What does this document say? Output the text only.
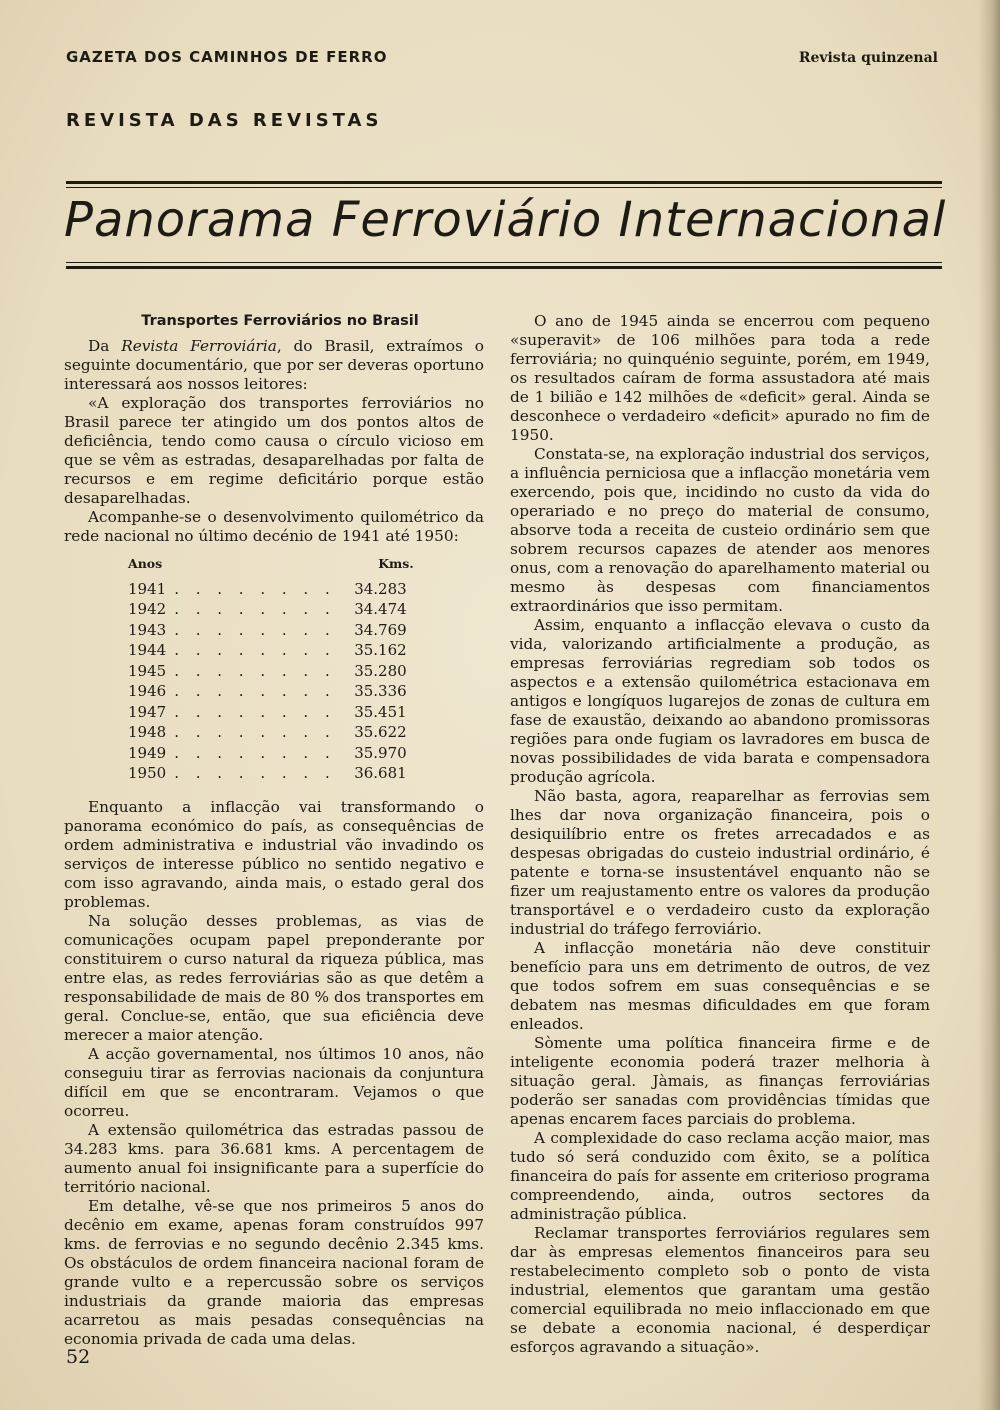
GAZETA DOS CAMINHOS DE FERRO	Revista quinzenal
REVISTA DAS REVISTAS
Panorama Ferroviário Internacional

Transportes Ferroviários no Brasil

Da Revista Ferroviária, do Brasil, extraímos o seguinte documentário, que por ser deveras oportuno interessará aos nossos leitores:

«A exploração dos transportes ferroviários no Brasil parece ter atingido um dos pontos altos de deficiência, tendo como causa o círculo vicioso em que se vêm as estradas, desaparelhadas por falta de recursos e em regime deficitário porque estão desaparelhadas.

Acompanhe-se o desenvolvimento quilométrico da rede nacional no último decénio de 1941 até 1950:

Anos		Kms.
1941	. . . . . . . .	34.283
1942	. . . . . . . .	34.474
1943	. . . . . . . .	34.769
1944	. . . . . . . .	35.162
1945	. . . . . . . .	35.280
1946	. . . . . . . .	35.336
1947	. . . . . . . .	35.451
1948	. . . . . . . .	35.622
1949	. . . . . . . .	35.970
1950	. . . . . . . .	36.681

Enquanto a inflacção vai transformando o panorama económico do país, as consequências de ordem administrativa e industrial vão invadindo os serviços de interesse público no sentido negativo e com isso agravando, ainda mais, o estado geral dos problemas.

Na solução desses problemas, as vias de comunicações ocupam papel preponderante por constituirem o curso natural da riqueza pública, mas entre elas, as redes ferroviárias são as que detêm a responsabilidade de mais de 80 % dos transportes em geral. Conclue-se, então, que sua eficiência deve merecer a maior atenção.

A acção governamental, nos últimos 10 anos, não conseguiu tirar as ferrovias nacionais da conjuntura difícil em que se encontraram. Vejamos o que ocorreu.

A extensão quilométrica das estradas passou de 34.283 kms. para 36.681 kms. A percentagem de aumento anual foi insignificante para a superfície do território nacional.

Em detalhe, vê-se que nos primeiros 5 anos do decênio em exame, apenas foram construídos 997 kms. de ferrovias e no segundo decênio 2.345 kms. Os obstáculos de ordem financeira nacional foram de grande vulto e a repercussão sobre os serviços industriais da grande maioria das empresas acarretou as mais pesadas consequências na economia privada de cada uma delas.

O ano de 1945 ainda se encerrou com pequeno «superavit» de 106 milhões para toda a rede ferroviária; no quinquénio seguinte, porém, em 1949, os resultados caíram de forma assustadora até mais de 1 bilião e 142 milhões de «deficit» geral. Ainda se desconhece o verdadeiro «deficit» apurado no fim de 1950.

Constata-se, na exploração industrial dos serviços, a influência perniciosa que a inflacção monetária vem exercendo, pois que, incidindo no custo da vida do operariado e no preço do material de consumo, absorve toda a receita de custeio ordinário sem que sobrem recursos capazes de atender aos menores onus, com a renovação do aparelhamento material ou mesmo às despesas com financiamentos extraordinários que isso permitam.

Assim, enquanto a inflacção elevava o custo da vida, valorizando artificialmente a produção, as empresas ferroviárias regrediam sob todos os aspectos e a extensão quilométrica estacionava em antigos e longíquos lugarejos de zonas de cultura em fase de exaustão, deixando ao abandono promissoras regiões para onde fugiam os lavradores em busca de novas possibilidades de vida barata e compensadora produção agrícola.

Não basta, agora, reaparelhar as ferrovias sem lhes dar nova organização financeira, pois o desiquilíbrio entre os fretes arrecadados e as despesas obrigadas do custeio industrial ordinário, é patente e torna-se insustentável enquanto não se fizer um reajustamento entre os valores da produção transportável e o verdadeiro custo da exploração industrial do tráfego ferroviário.

A inflacção monetária não deve constituir benefício para uns em detrimento de outros, de vez que todos sofrem em suas consequências e se debatem nas mesmas dificuldades em que foram enleados.

Sòmente uma política financeira firme e de inteligente economia poderá trazer melhoria à situação geral. Jàmais, as finanças ferroviárias poderão ser sanadas com providências tímidas que apenas encarem faces parciais do problema.

A complexidade do caso reclama acção maior, mas tudo só será conduzido com êxito, se a política financeira do país for assente em criterioso programa compreendendo, ainda, outros sectores da administração pública.

Reclamar transportes ferroviários regulares sem dar às empresas elementos financeiros para seu restabelecimento completo sob o ponto de vista industrial, elementos que garantam uma gestão comercial equilibrada no meio inflaccionado em que se debate a economia nacional, é desperdiçar esforços agravando a situação».

52
